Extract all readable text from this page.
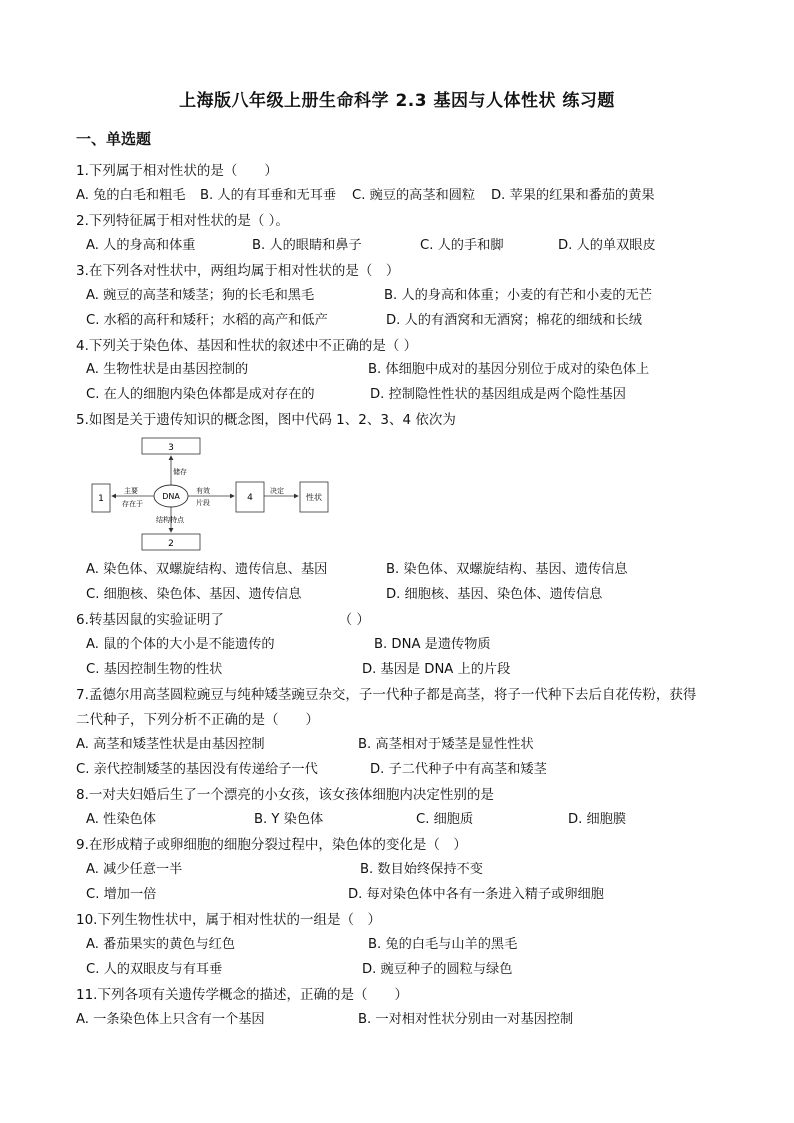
上海版八年级上册生命科学 2.3 基因与人体性状 练习题
一、单选题
1.下列属于相对性状的是（　　）
A. 兔的白毛和粗毛 B. 人的有耳垂和无耳垂 C. 豌豆的高茎和圆粒 D. 苹果的红果和番茄的黄果
2.下列特征属于相对性状的是（ ）。
A. 人的身高和体重	B. 人的眼睛和鼻子	C. 人的手和脚	D. 人的单双眼皮
3.在下列各对性状中，两组均属于相对性状的是（　）
A. 豌豆的高茎和矮茎；狗的长毛和黑毛	B. 人的身高和体重；小麦的有芒和小麦的无芒
C. 水稻的高秆和矮秆；水稻的高产和低产	D. 人的有酒窝和无酒窝；棉花的细绒和长绒
4.下列关于染色体、基因和性状的叙述中不正确的是（ ）
A. 生物性状是由基因控制的	B. 体细胞中成对的基因分别位于成对的染色体上
C. 在人的细胞内染色体都是成对存在的	D. 控制隐性性状的基因组成是两个隐性基因
5.如图是关于遗传知识的概念图，图中代码 1、2、3、4 依次为
3
1	DNA	4	性状
2
储存
主要
存在于
有效
片段
决定
结构特点
A. 染色体、双螺旋结构、遗传信息、基因	B. 染色体、双螺旋结构、基因、遗传信息
C. 细胞核、染色体、基因、遗传信息	D. 细胞核、基因、染色体、遗传信息
6.转基因鼠的实验证明了　　　　　　　　　（ ）
A. 鼠的个体的大小是不能遗传的	B. DNA 是遗传物质
C. 基因控制生物的性状	D. 基因是 DNA 上的片段
7.孟德尔用高茎圆粒豌豆与纯种矮茎豌豆杂交，子一代种子都是高茎，将子一代种下去后自花传粉，获得
二代种子，下列分析不正确的是（　　）
A. 高茎和矮茎性状是由基因控制	B. 高茎相对于矮茎是显性性状
C. 亲代控制矮茎的基因没有传递给子一代	D. 子二代种子中有高茎和矮茎
8.一对夫妇婚后生了一个漂亮的小女孩，该女孩体细胞内决定性别的是
A. 性染色体	B. Y 染色体	C. 细胞质	D. 细胞膜
9.在形成精子或卵细胞的细胞分裂过程中，染色体的变化是（　）
A. 减少任意一半	B. 数目始终保持不变
C. 增加一倍	D. 每对染色体中各有一条进入精子或卵细胞
10.下列生物性状中，属于相对性状的一组是（　）
A. 番茄果实的黄色与红色	B. 兔的白毛与山羊的黑毛
C. 人的双眼皮与有耳垂	D. 豌豆种子的圆粒与绿色
11.下列各项有关遗传学概念的描述，正确的是（　　）
A. 一条染色体上只含有一个基因	B. 一对相对性状分别由一对基因控制
